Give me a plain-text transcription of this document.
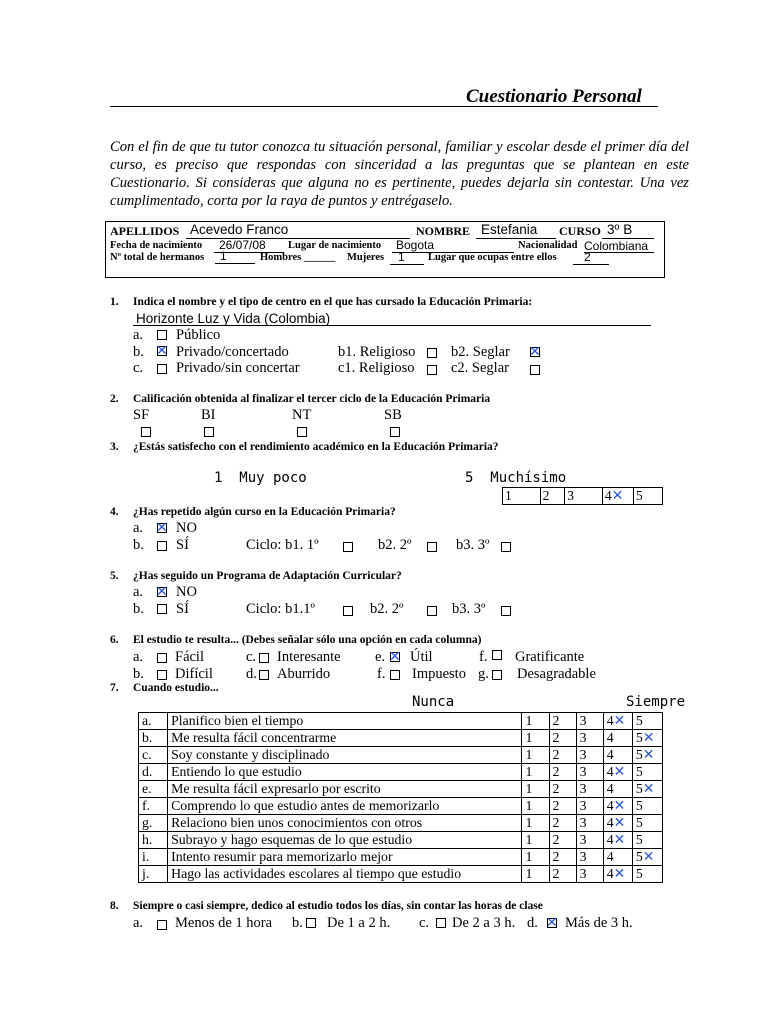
Cuestionario Personal
Con el fin de que tu tutor conozca tu situación personal, familiar y escolar desde el primer día del curso, es preciso que respondas con sinceridad a las preguntas que se plantean en este Cuestionario. Si consideras que alguna no es pertinente, puedes dejarla sin contestar. Una vez cumplimentado, corta por la raya de puntos y entrégaselo.
APELLIDOS Acevedo Franco	NOMBRE Estefania CURSO 3º B
Fecha de nacimiento 26/07/08 Lugar de nacimiento Bogota	Nacionalidad Colombiana
Nº total de hermanos 1	Hombres ______ Mujeres 1 Lugar que ocupas entre ellos 2
1. Indica el nombre y el tipo de centro en el que has cursado la Educación Primaria:
Horizonte Luz y Vida (Colombia)
a. Público
b. ✕ Privado/concertado	b1. Religioso b2. Seglar ✕
c. Privado/sin concertar	c1. Religioso	c2. Seglar
2. Calificación obtenida al finalizar el tercer ciclo de la Educación Primaria
SF	BI	NT	SB
3. ¿Estás satisfecho con el rendimiento académico en la Educación Primaria?
1  Muy poco	5  Muchísimo
1	2	3	4✕	5
4. ¿Has repetido algún curso en la Educación Primaria?
a. ✕ NO
b. SÍ	Ciclo: b1. 1º	b2. 2º	b3. 3º
5. ¿Has seguido un Programa de Adaptación Curricular?
a. ✕ NO
b. SÍ	Ciclo: b1.1º	b2. 2º	b3. 3º
6. El estudio te resulta... (Debes señalar sólo una opción en cada columna)
a. Fácil	c. Interesante e. ✕ Útil	f. Gratificante
b. Difícil d. Aburrido	f. Impuesto g. Desagradable
7. Cuando estudio...
Nunca	Siempre
a.	Planifico bien el tiempo	1	2	3	4✕	5
b.	Me resulta fácil concentrarme	1	2	3	4	5✕
c.	Soy constante y disciplinado	1	2	3	4	5✕
d.	Entiendo lo que estudio	1	2	3	4✕	5
e.	Me resulta fácil expresarlo por escrito	1	2	3	4	5✕
f.	Comprendo lo que estudio antes de memorizarlo	1	2	3	4✕	5
g.	Relaciono bien unos conocimientos con otros	1	2	3	4✕	5
h.	Subrayo y hago esquemas de lo que estudio	1	2	3	4✕	5
i.	Intento resumir para memorizarlo mejor	1	2	3	4	5✕
j.	Hago las actividades escolares al tiempo que estudio	1	2	3	4✕	5
8. Siempre o casi siempre, dedico al estudio todos los días, sin contar las horas de clase
a. Menos de 1 hora b. De 1 a 2 h. c. De 2 a 3 h. d. ✕ Más de 3 h.
